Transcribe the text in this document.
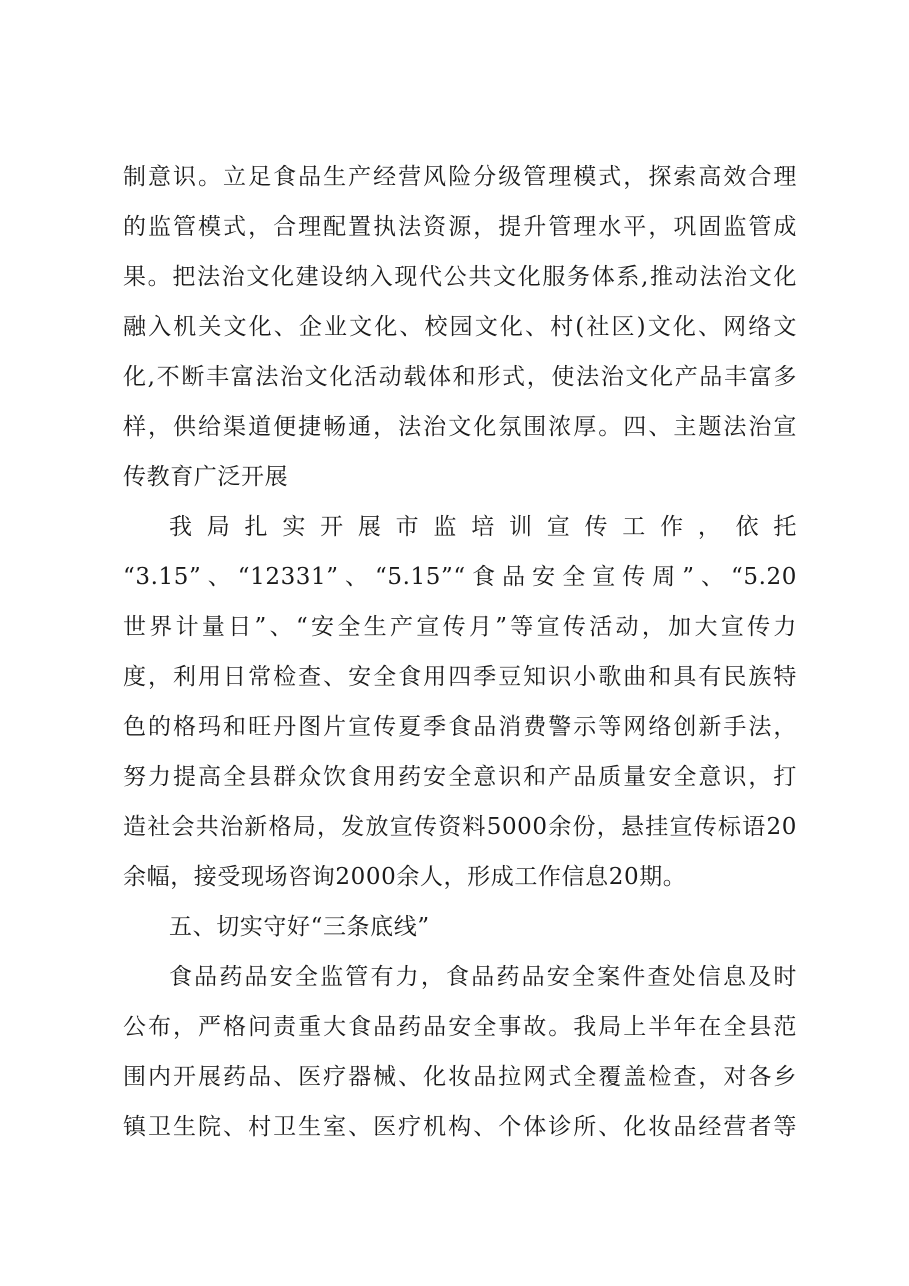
制意识。立足食品生产经营风险分级管理模式，探索高效合理
的监管模式，合理配置执法资源，提升管理水平，巩固监管成
果。把法治文化建设纳入现代公共文化服务体系,推动法治文化
融入机关文化、企业文化、校园文化、村(社区)文化、网络文
化,不断丰富法治文化活动载体和形式，使法治文化产品丰富多
样，供给渠道便捷畅通，法治文化氛围浓厚。四、主题法治宣
传教育广泛开展
我局扎实开展市监培训宣传工作，依托
“3.15”、“12331”、“5.15”“食品安全宣传周”、“5.20
世界计量日”、“安全生产宣传月”等宣传活动，加大宣传力
度，利用日常检查、安全食用四季豆知识小歌曲和具有民族特
色的格玛和旺丹图片宣传夏季食品消费警示等网络创新手法，
努力提高全县群众饮食用药安全意识和产品质量安全意识，打
造社会共治新格局，发放宣传资料5000余份，悬挂宣传标语20
余幅，接受现场咨询2000余人，形成工作信息20期。
五、切实守好“三条底线”
食品药品安全监管有力，食品药品安全案件查处信息及时
公布，严格问责重大食品药品安全事故。我局上半年在全县范
围内开展药品、医疗器械、化妆品拉网式全覆盖检查，对各乡
镇卫生院、村卫生室、医疗机构、个体诊所、化妆品经营者等
